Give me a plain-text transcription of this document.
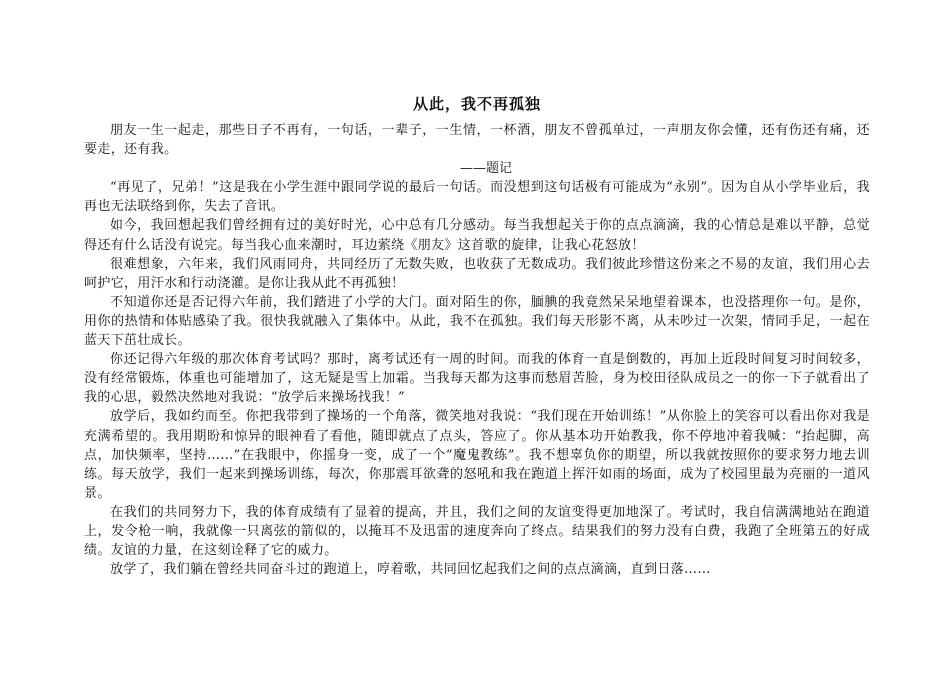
从此，我不再孤独

朋友一生一起走，那些日子不再有，一句话，一辈子，一生情，一杯酒，朋友不曾孤单过，一声朋友你会懂，还有伤还有痛，还要走，还有我。

——题记

“再见了，兄弟！”这是我在小学生涯中跟同学说的最后一句话。而没想到这句话极有可能成为“永别”。因为自从小学毕业后，我再也无法联络到你，失去了音讯。

如今，我回想起我们曾经拥有过的美好时光，心中总有几分感动。每当我想起关于你的点点滴滴，我的心情总是难以平静，总觉得还有什么话没有说完。每当我心血来潮时，耳边萦绕《朋友》这首歌的旋律，让我心花怒放！

很难想象，六年来，我们风雨同舟，共同经历了无数失败，也收获了无数成功。我们彼此珍惜这份来之不易的友谊，我们用心去呵护它，用汗水和行动浇灌。是你让我从此不再孤独！

不知道你还是否记得六年前，我们踏进了小学的大门。面对陌生的你，腼腆的我竟然呆呆地望着课本，也没搭理你一句。是你，用你的热情和体贴感染了我。很快我就融入了集体中。从此，我不在孤独。我们每天形影不离，从未吵过一次架，情同手足，一起在蓝天下茁壮成长。

你还记得六年级的那次体育考试吗？那时，离考试还有一周的时间。而我的体育一直是倒数的，再加上近段时间复习时间较多，没有经常锻炼，体重也可能增加了，这无疑是雪上加霜。当我每天都为这事而愁眉苦脸，身为校田径队成员之一的你一下子就看出了我的心思，毅然决然地对我说：“放学后来操场找我！”

放学后，我如约而至。你把我带到了操场的一个角落，微笑地对我说：“我们现在开始训练！”从你脸上的笑容可以看出你对我是充满希望的。我用期盼和惊异的眼神看了看他，随即就点了点头，答应了。你从基本功开始教我，你不停地冲着我喊：“抬起脚，高点，加快频率，坚持……”在我眼中，你摇身一变，成了一个“魔鬼教练”。我不想辜负你的期望，所以我就按照你的要求努力地去训练。每天放学，我们一起来到操场训练，每次，你那震耳欲聋的怒吼和我在跑道上挥汗如雨的场面，成为了校园里最为亮丽的一道风景。

在我们的共同努力下，我的体育成绩有了显着的提高，并且，我们之间的友谊变得更加地深了。考试时，我自信满满地站在跑道上，发令枪一响，我就像一只离弦的箭似的，以掩耳不及迅雷的速度奔向了终点。结果我们的努力没有白费，我跑了全班第五的好成绩。友谊的力量，在这刻诠释了它的威力。

放学了，我们躺在曾经共同奋斗过的跑道上，哼着歌，共同回忆起我们之间的点点滴滴，直到日落……
